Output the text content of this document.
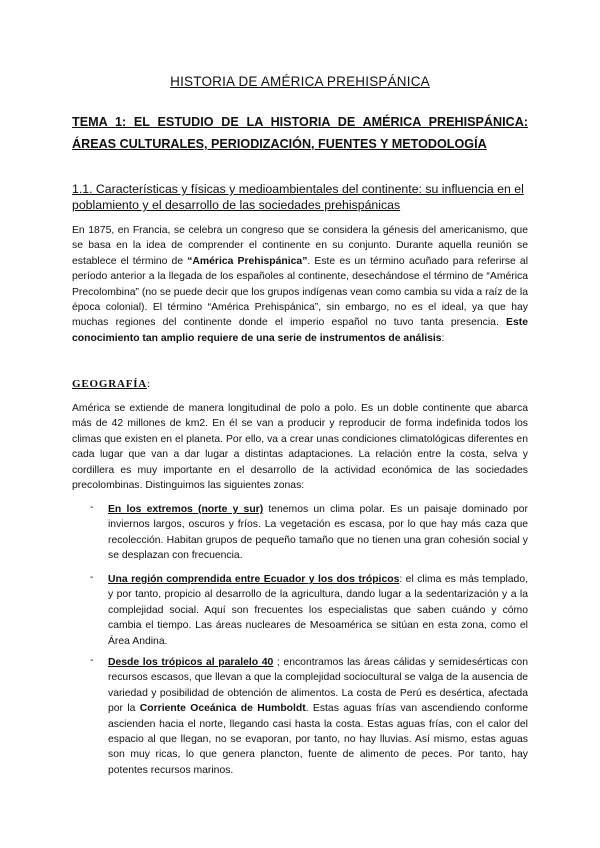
HISTORIA DE AMÉRICA PREHISPÁNICA
TEMA 1: EL ESTUDIO DE LA HISTORIA DE AMÉRICA PREHISPÁNICA: ÁREAS CULTURALES, PERIODIZACIÓN, FUENTES Y METODOLOGÍA
1.1. Características y físicas y medioambientales del continente: su influencia en el poblamiento y el desarrollo de las sociedades prehispánicas

En 1875, en Francia, se celebra un congreso que se considera la génesis del americanismo, que se basa en la idea de comprender el continente en su conjunto. Durante aquella reunión se establece el término de “América Prehispánica”. Este es un término acuñado para referirse al período anterior a la llegada de los españoles al continente, desechándose el término de “América Precolombina” (no se puede decir que los grupos indígenas vean como cambia su vida a raíz de la época colonial). El término “América Prehispánica”, sin embargo, no es el ideal, ya que hay muchas regiones del continente donde el imperio español no tuvo tanta presencia. Este conocimiento tan amplio requiere de una serie de instrumentos de análisis:

GEOGRAFÍA:

América se extiende de manera longitudinal de polo a polo. Es un doble continente que abarca más de 42 millones de km2. En él se van a producir y reproducir de forma indefinida todos los climas que existen en el planeta. Por ello, va a crear unas condiciones climatológicas diferentes en cada lugar que van a dar lugar a distintas adaptaciones. La relación entre la costa, selva y cordillera es muy importante en el desarrollo de la actividad económica de las sociedades precolombinas. Distinguimos las siguientes zonas:

- En los extremos (norte y sur) tenemos un clima polar. Es un paisaje dominado por inviernos largos, oscuros y fríos. La vegetación es escasa, por lo que hay más caza que recolección. Habitan grupos de pequeño tamaño que no tienen una gran cohesión social y se desplazan con frecuencia.

- Una región comprendida entre Ecuador y los dos trópicos: el clima es más templado, y por tanto, propicio al desarrollo de la agricultura, dando lugar a la sedentarización y a la complejidad social. Aquí son frecuentes los especialistas que saben cuándo y cómo cambia el tiempo. Las áreas nucleares de Mesoamérica se sitúan en esta zona, como el Área Andina.

- Desde los trópicos al paralelo 40 ; encontramos las áreas cálidas y semidesérticas con recursos escasos, que llevan a que la complejidad sociocultural se valga de la ausencia de variedad y posibilidad de obtención de alimentos. La costa de Perú es desértica, afectada por la Corriente Oceánica de Humboldt. Estas aguas frías van ascendiendo conforme ascienden hacia el norte, llegando casi hasta la costa. Estas aguas frías, con el calor del espacio al que llegan, no se evaporan, por tanto, no hay lluvias. Así mismo, estas aguas son muy ricas, lo que genera plancton, fuente de alimento de peces. Por tanto, hay potentes recursos marinos.
